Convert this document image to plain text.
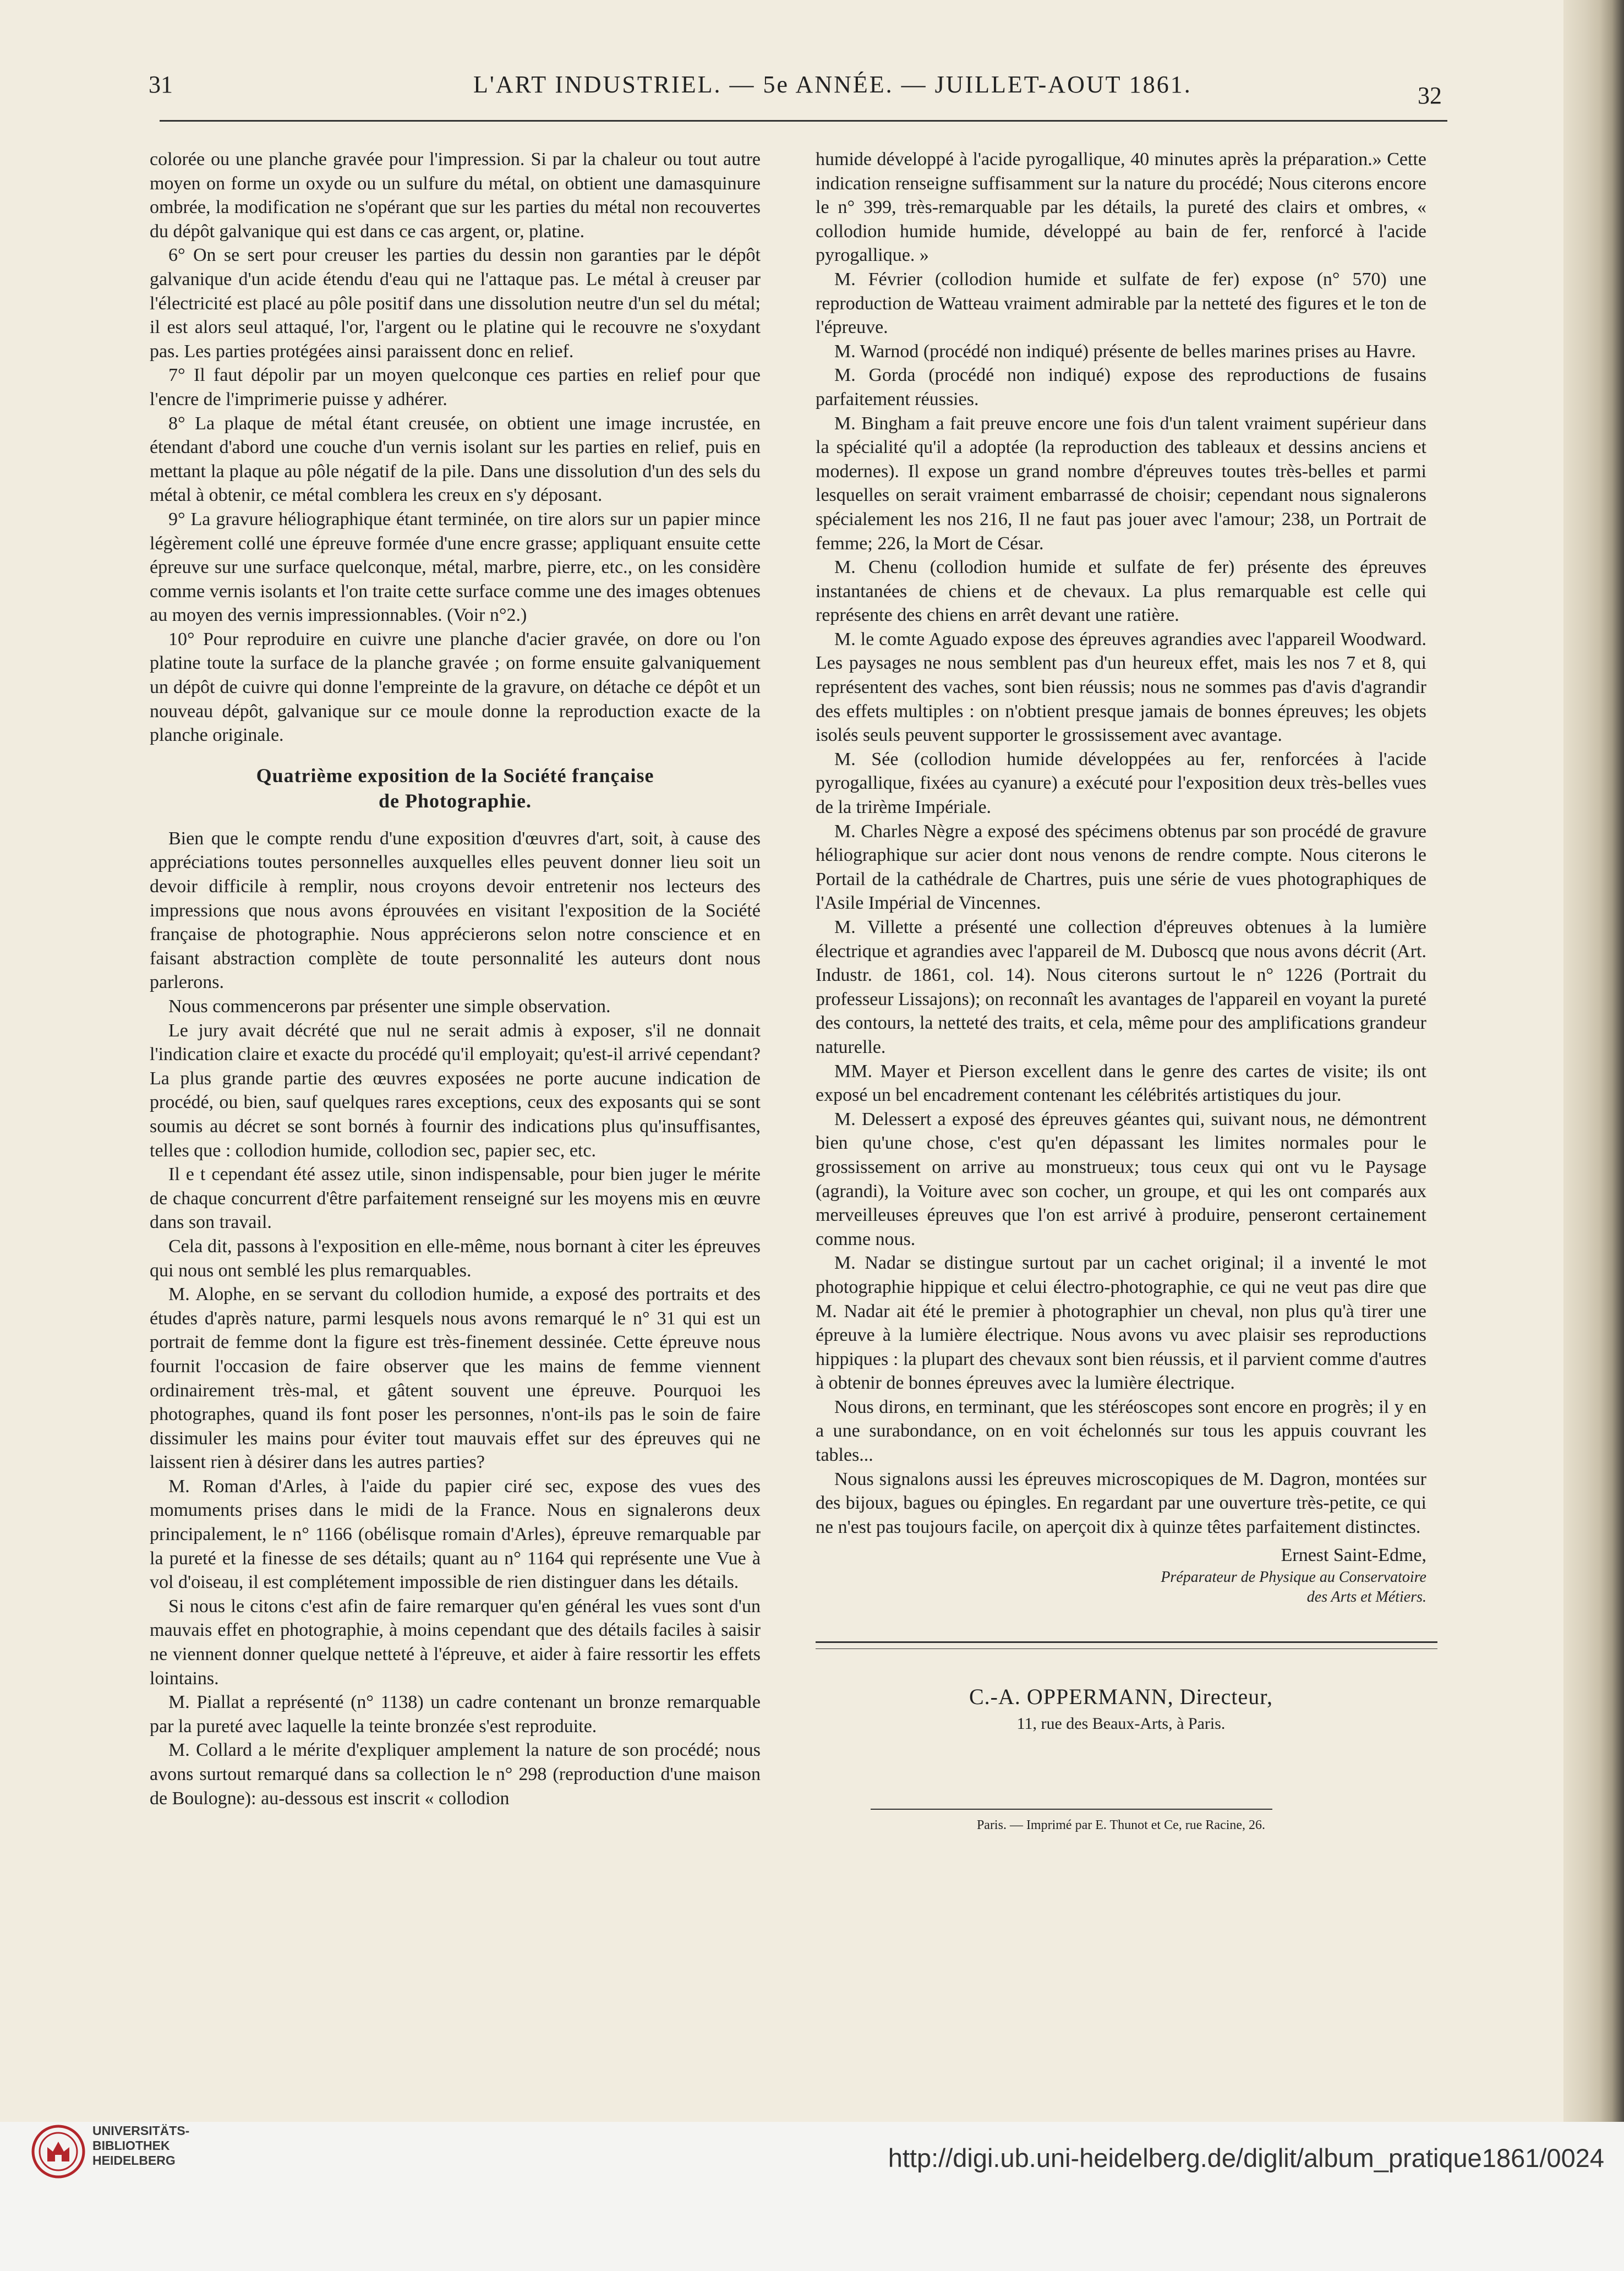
31	L'ART INDUSTRIEL. — 5e ANNÉE. — JUILLET-AOUT 1861.	32

colorée ou une planche gravée pour l'impression. Si par la chaleur ou tout autre moyen on forme un oxyde ou un sulfure du métal, on obtient une damasquinure ombrée, la modification ne s'opérant que sur les parties du métal non recouvertes du dépôt galvanique qui est dans ce cas argent, or, platine.

6° On se sert pour creuser les parties du dessin non garanties par le dépôt galvanique d'un acide étendu d'eau qui ne l'attaque pas. Le métal à creuser par l'électricité est placé au pôle positif dans une dissolution neutre d'un sel du métal; il est alors seul attaqué, l'or, l'argent ou le platine qui le recouvre ne s'oxydant pas. Les parties protégées ainsi paraissent donc en relief.

7° Il faut dépolir par un moyen quelconque ces parties en relief pour que l'encre de l'imprimerie puisse y adhérer.

8° La plaque de métal étant creusée, on obtient une image incrustée, en étendant d'abord une couche d'un vernis isolant sur les parties en relief, puis en mettant la plaque au pôle négatif de la pile. Dans une dissolution d'un des sels du métal à obtenir, ce métal comblera les creux en s'y déposant.

9° La gravure héliographique étant terminée, on tire alors sur un papier mince légèrement collé une épreuve formée d'une encre grasse; appliquant ensuite cette épreuve sur une surface quelconque, métal, marbre, pierre, etc., on les considère comme vernis isolants et l'on traite cette surface comme une des images obtenues au moyen des vernis impressionnables. (Voir n°2.)

10° Pour reproduire en cuivre une planche d'acier gravée, on dore ou l'on platine toute la surface de la planche gravée ; on forme ensuite galvaniquement un dépôt de cuivre qui donne l'empreinte de la gravure, on détache ce dépôt et un nouveau dépôt, galvanique sur ce moule donne la reproduction exacte de la planche originale.

Quatrième exposition de la Société française
de Photographie.

Bien que le compte rendu d'une exposition d'œuvres d'art, soit, à cause des appréciations toutes personnelles auxquelles elles peuvent donner lieu soit un devoir difficile à remplir, nous croyons devoir entretenir nos lecteurs des impressions que nous avons éprouvées en visitant l'exposition de la Société française de photographie. Nous apprécierons selon notre conscience et en faisant abstraction complète de toute personnalité les auteurs dont nous parlerons.

Nous commencerons par présenter une simple observation.

Le jury avait décrété que nul ne serait admis à exposer, s'il ne donnait l'indication claire et exacte du procédé qu'il employait; qu'est-il arrivé cependant? La plus grande partie des œuvres exposées ne porte aucune indication de procédé, ou bien, sauf quelques rares exceptions, ceux des exposants qui se sont soumis au décret se sont bornés à fournir des indications plus qu'insuffisantes, telles que : collodion humide, collodion sec, papier sec, etc.

Il e t cependant été assez utile, sinon indispensable, pour bien juger le mérite de chaque concurrent d'être parfaitement renseigné sur les moyens mis en œuvre dans son travail.

Cela dit, passons à l'exposition en elle-même, nous bornant à citer les épreuves qui nous ont semblé les plus remarquables.

M. Alophe, en se servant du collodion humide, a exposé des portraits et des études d'après nature, parmi lesquels nous avons remarqué le n° 31 qui est un portrait de femme dont la figure est très-finement dessinée. Cette épreuve nous fournit l'occasion de faire observer que les mains de femme viennent ordinairement très-mal, et gâtent souvent une épreuve. Pourquoi les photographes, quand ils font poser les personnes, n'ont-ils pas le soin de faire dissimuler les mains pour éviter tout mauvais effet sur des épreuves qui ne laissent rien à désirer dans les autres parties?

M. Roman d'Arles, à l'aide du papier ciré sec, expose des vues des momuments prises dans le midi de la France. Nous en signalerons deux principalement, le n° 1166 (obélisque romain d'Arles), épreuve remarquable par la pureté et la finesse de ses détails; quant au n° 1164 qui représente une Vue à vol d'oiseau, il est complétement impossible de rien distinguer dans les détails.

Si nous le citons c'est afin de faire remarquer qu'en général les vues sont d'un mauvais effet en photographie, à moins cependant que des détails faciles à saisir ne viennent donner quelque netteté à l'épreuve, et aider à faire ressortir les effets lointains.

M. Piallat a représenté (n° 1138) un cadre contenant un bronze remarquable par la pureté avec laquelle la teinte bronzée s'est reproduite.

M. Collard a le mérite d'expliquer amplement la nature de son procédé; nous avons surtout remarqué dans sa collection le n° 298 (reproduction d'une maison de Boulogne): au-dessous est inscrit « collodion

humide développé à l'acide pyrogallique, 40 minutes après la préparation.» Cette indication renseigne suffisamment sur la nature du procédé; Nous citerons encore le n° 399, très-remarquable par les détails, la pureté des clairs et ombres, « collodion humide humide, développé au bain de fer, renforcé à l'acide pyrogallique. »

M. Février (collodion humide et sulfate de fer) expose (n° 570) une reproduction de Watteau vraiment admirable par la netteté des figures et le ton de l'épreuve.

M. Warnod (procédé non indiqué) présente de belles marines prises au Havre.

M. Gorda (procédé non indiqué) expose des reproductions de fusains parfaitement réussies.

M. Bingham a fait preuve encore une fois d'un talent vraiment supérieur dans la spécialité qu'il a adoptée (la reproduction des tableaux et dessins anciens et modernes). Il expose un grand nombre d'épreuves toutes très-belles et parmi lesquelles on serait vraiment embarrassé de choisir; cependant nous signalerons spécialement les nos 216, Il ne faut pas jouer avec l'amour; 238, un Portrait de femme; 226, la Mort de César.

M. Chenu (collodion humide et sulfate de fer) présente des épreuves instantanées de chiens et de chevaux. La plus remarquable est celle qui représente des chiens en arrêt devant une ratière.

M. le comte Aguado expose des épreuves agrandies avec l'appareil Woodward. Les paysages ne nous semblent pas d'un heureux effet, mais les nos 7 et 8, qui représentent des vaches, sont bien réussis; nous ne sommes pas d'avis d'agrandir des effets multiples : on n'obtient presque jamais de bonnes épreuves; les objets isolés seuls peuvent supporter le grossissement avec avantage.

M. Sée (collodion humide développées au fer, renforcées à l'acide pyrogallique, fixées au cyanure) a exécuté pour l'exposition deux très-belles vues de la trirème Impériale.

M. Charles Nègre a exposé des spécimens obtenus par son procédé de gravure héliographique sur acier dont nous venons de rendre compte. Nous citerons le Portail de la cathédrale de Chartres, puis une série de vues photographiques de l'Asile Impérial de Vincennes.

M. Villette a présenté une collection d'épreuves obtenues à la lumière électrique et agrandies avec l'appareil de M. Duboscq que nous avons décrit (Art. Industr. de 1861, col. 14). Nous citerons surtout le n° 1226 (Portrait du professeur Lissajons); on reconnaît les avantages de l'appareil en voyant la pureté des contours, la netteté des traits, et cela, même pour des amplifications grandeur naturelle.

MM. Mayer et Pierson excellent dans le genre des cartes de visite; ils ont exposé un bel encadrement contenant les célébrités artistiques du jour.

M. Delessert a exposé des épreuves géantes qui, suivant nous, ne démontrent bien qu'une chose, c'est qu'en dépassant les limites normales pour le grossissement on arrive au monstrueux; tous ceux qui ont vu le Paysage (agrandi), la Voiture avec son cocher, un groupe, et qui les ont comparés aux merveilleuses épreuves que l'on est arrivé à produire, penseront certainement comme nous.

M. Nadar se distingue surtout par un cachet original; il a inventé le mot photographie hippique et celui électro-photographie, ce qui ne veut pas dire que M. Nadar ait été le premier à photographier un cheval, non plus qu'à tirer une épreuve à la lumière électrique. Nous avons vu avec plaisir ses reproductions hippiques : la plupart des chevaux sont bien réussis, et il parvient comme d'autres à obtenir de bonnes épreuves avec la lumière électrique.

Nous dirons, en terminant, que les stéréoscopes sont encore en progrès; il y en a une surabondance, on en voit échelonnés sur tous les appuis couvrant les tables...

Nous signalons aussi les épreuves microscopiques de M. Dagron, montées sur des bijoux, bagues ou épingles. En regardant par une ouverture très-petite, ce qui ne n'est pas toujours facile, on aperçoit dix à quinze têtes parfaitement distinctes.

Ernest Saint-Edme,
Préparateur de Physique au Conservatoire
des Arts et Métiers.
C.-A. OPPERMANN, Directeur,
11, rue des Beaux-Arts, à Paris.
Paris. — Imprimé par E. Thunot et Ce, rue Racine, 26.
UNIVERSITÄTS-
BIBLIOTHEK
HEIDELBERG	http://digi.ub.uni-heidelberg.de/diglit/album_pratique1861/0024
